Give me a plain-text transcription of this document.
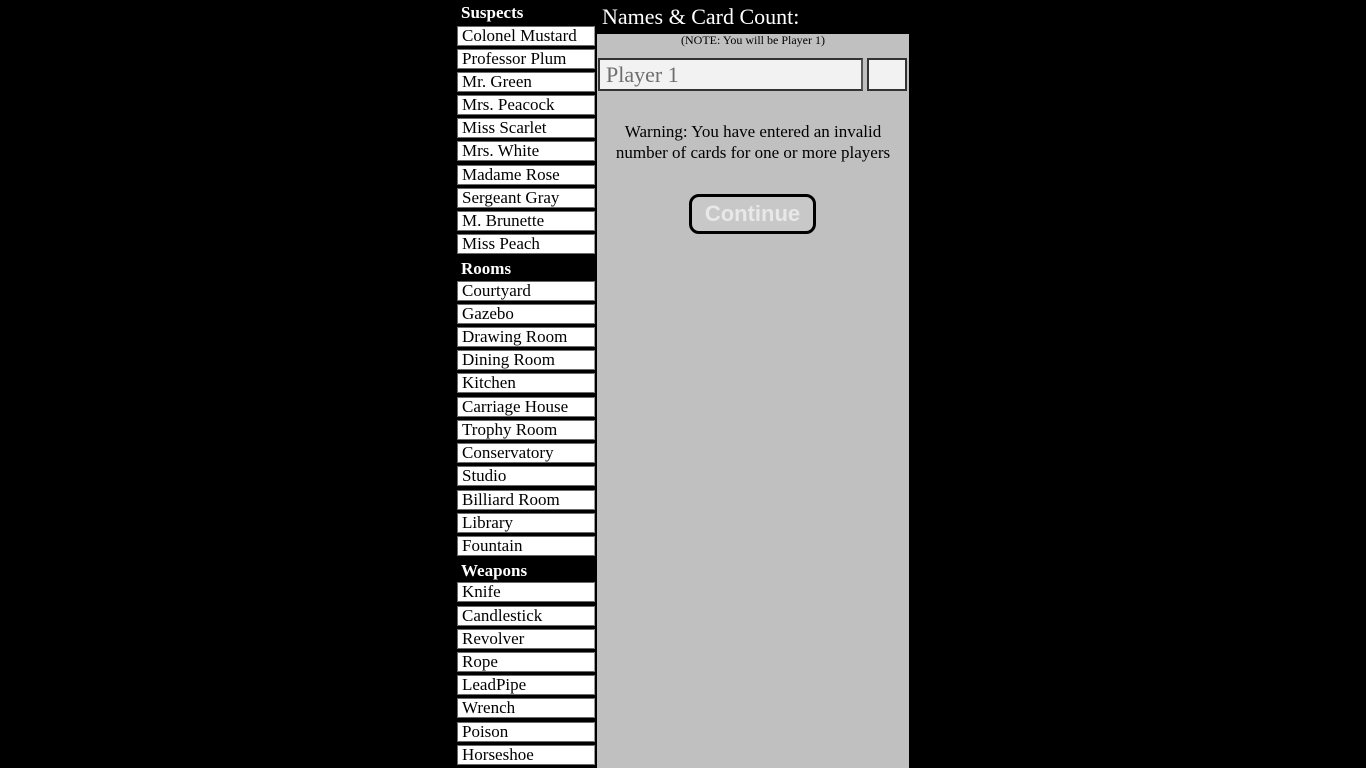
Suspects
Colonel Mustard
Professor Plum
Mr. Green
Mrs. Peacock
Miss Scarlet
Mrs. White
Madame Rose
Sergeant Gray
M. Brunette
Miss Peach
Rooms
Courtyard
Gazebo
Drawing Room
Dining Room
Kitchen
Carriage House
Trophy Room
Conservatory
Studio
Billiard Room
Library
Fountain
Weapons
Knife
Candlestick
Revolver
Rope
LeadPipe
Wrench
Poison
Horseshoe
Names & Card Count:
(NOTE: You will be Player 1)
Player 1
Warning: You have entered an invalid number of cards for one or more players
Continue
